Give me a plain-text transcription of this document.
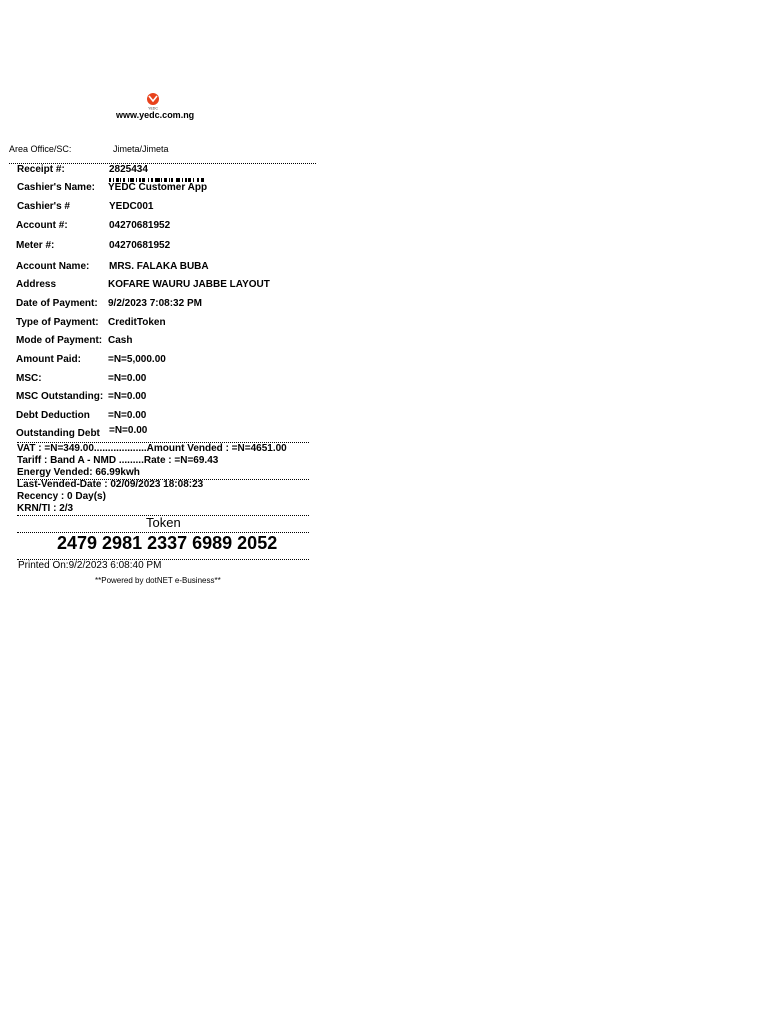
YEDC
www.yedc.com.ng
Area Office/SC:	Jimeta/Jimeta
Receipt #:	2825434
Cashier's Name: YEDC Customer App
Cashier's #	YEDC001
Account #:	04270681952
Meter #:	04270681952
Account Name: MRS. FALAKA BUBA
Address	KOFARE WAURU JABBE LAYOUT
Date of Payment: 9/2/2023 7:08:32 PM
Type of Payment: CreditToken
Mode of Payment: Cash
Amount Paid:	=N=5,000.00
MSC:	=N=0.00
MSC Outstanding: =N=0.00
Debt Deduction =N=0.00
Outstanding Debt =N=0.00
VAT : =N=349.00...................Amount Vended : =N=4651.00
Tariff : Band A - NMD .........Rate : =N=69.43
Energy Vended: 66.99kwh
Last-Vended-Date : 02/09/2023 18:08:23
Recency : 0 Day(s)
KRN/TI : 2/3
Token
2479 2981 2337 6989 2052
Printed On:9/2/2023 6:08:40 PM
**Powered by dotNET e-Business**
